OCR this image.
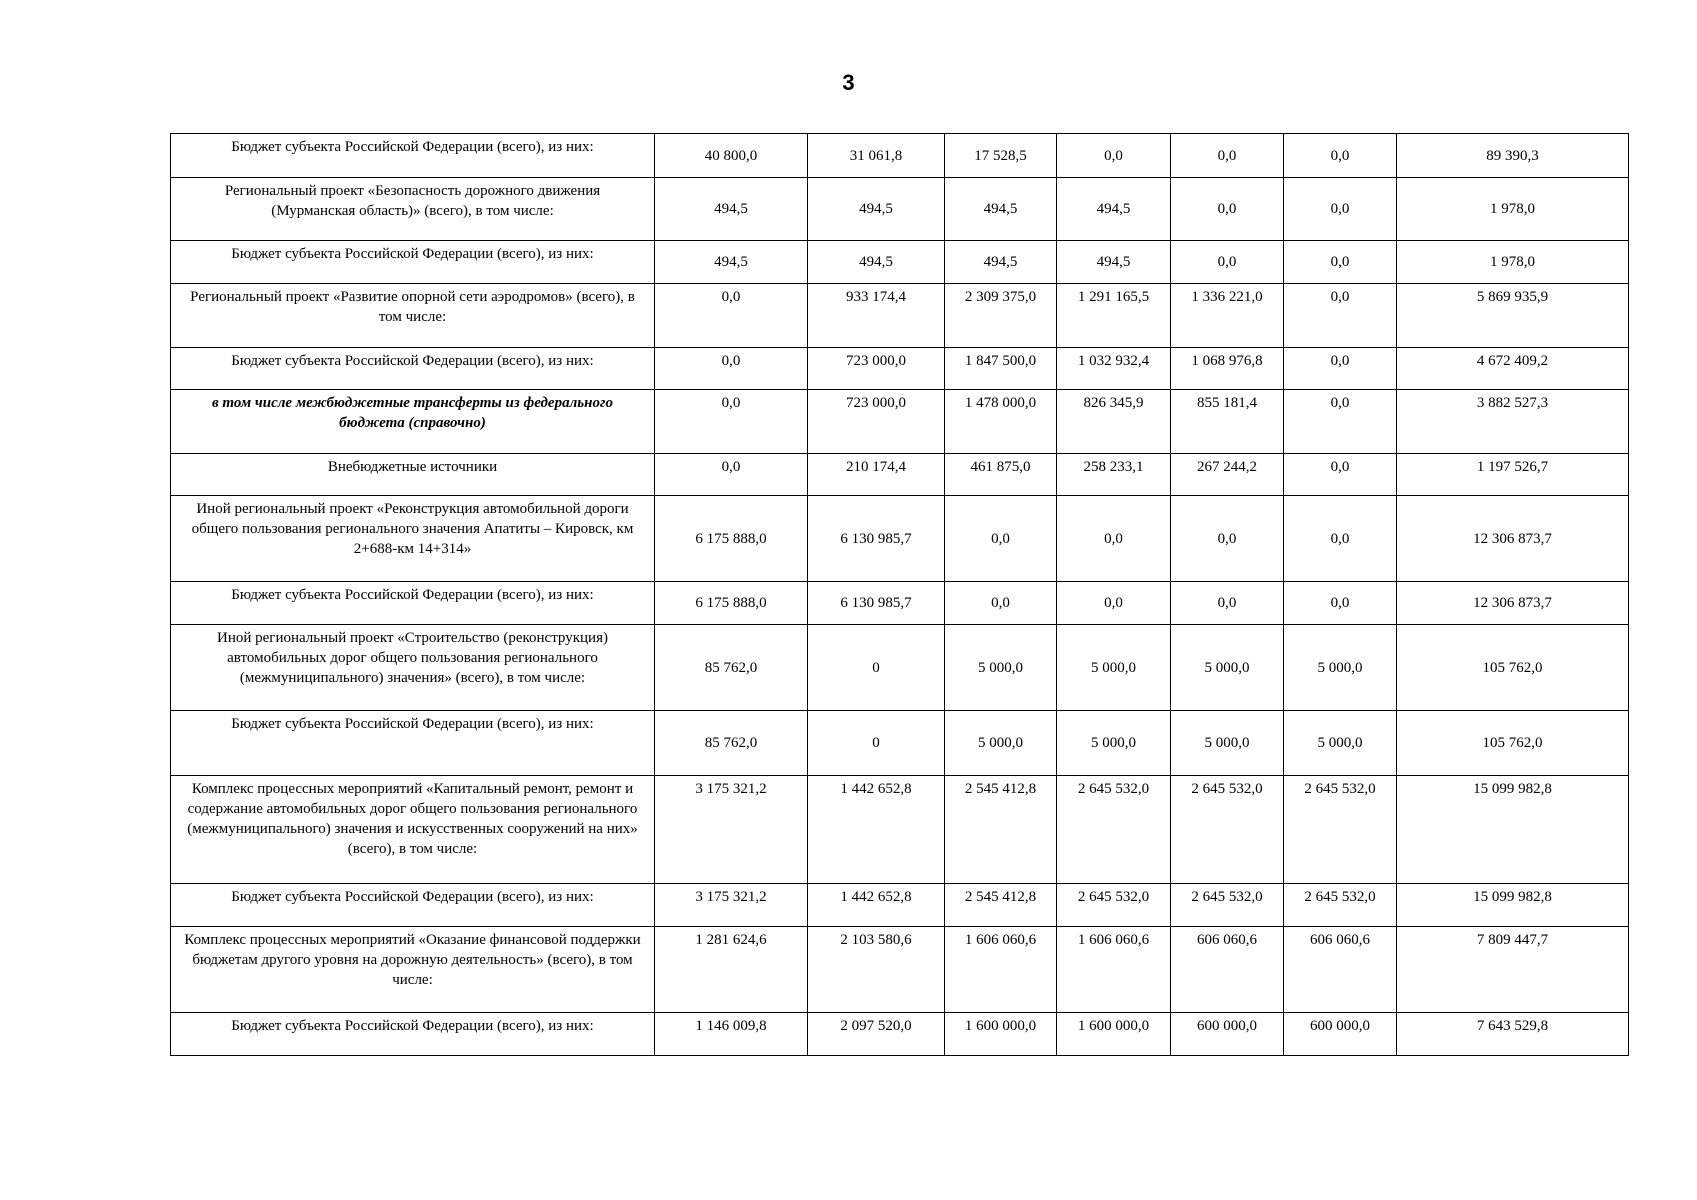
3
Бюджет субъекта Российской Федерации (всего), из них:	40 800,0	31 061,8	17 528,5	0,0	0,0	0,0	89 390,3
Региональный проект «Безопасность дорожного движения (Мурманская область)» (всего), в том числе:	494,5	494,5	494,5	494,5	0,0	0,0	1 978,0
Бюджет субъекта Российской Федерации (всего), из них:	494,5	494,5	494,5	494,5	0,0	0,0	1 978,0
Региональный проект «Развитие опорной сети аэродромов» (всего), в том числе:	0,0	933 174,4	2 309 375,0	1 291 165,5	1 336 221,0	0,0	5 869 935,9
Бюджет субъекта Российской Федерации (всего), из них:	0,0	723 000,0	1 847 500,0	1 032 932,4	1 068 976,8	0,0	4 672 409,2
в том числе межбюджетные трансферты из федерального бюджета (справочно)	0,0	723 000,0	1 478 000,0	826 345,9	855 181,4	0,0	3 882 527,3
Внебюджетные источники	0,0	210 174,4	461 875,0	258 233,1	267 244,2	0,0	1 197 526,7
Иной региональный проект «Реконструкция автомобильной дороги общего пользования регионального значения Апатиты – Кировск, км 2+688-км 14+314»	6 175 888,0	6 130 985,7	0,0	0,0	0,0	0,0	12 306 873,7
Бюджет субъекта Российской Федерации (всего), из них:	6 175 888,0	6 130 985,7	0,0	0,0	0,0	0,0	12 306 873,7
Иной региональный проект «Строительство (реконструкция) автомобильных дорог общего пользования регионального (межмуниципального) значения» (всего), в том числе:	85 762,0	0	5 000,0	5 000,0	5 000,0	5 000,0	105 762,0
Бюджет субъекта Российской Федерации (всего), из них:	85 762,0	0	5 000,0	5 000,0	5 000,0	5 000,0	105 762,0
Комплекс процессных мероприятий «Капитальный ремонт, ремонт и содержание автомобильных дорог общего пользования регионального (межмуниципального) значения и искусственных сооружений на них» (всего), в том числе:	3 175 321,2	1 442 652,8	2 545 412,8	2 645 532,0	2 645 532,0	2 645 532,0	15 099 982,8
Бюджет субъекта Российской Федерации (всего), из них:	3 175 321,2	1 442 652,8	2 545 412,8	2 645 532,0	2 645 532,0	2 645 532,0	15 099 982,8
Комплекс процессных мероприятий «Оказание финансовой поддержки бюджетам другого уровня на дорожную деятельность» (всего), в том числе:	1 281 624,6	2 103 580,6	1 606 060,6	1 606 060,6	606 060,6	606 060,6	7 809 447,7
Бюджет субъекта Российской Федерации (всего), из них:	1 146 009,8	2 097 520,0	1 600 000,0	1 600 000,0	600 000,0	600 000,0	7 643 529,8
